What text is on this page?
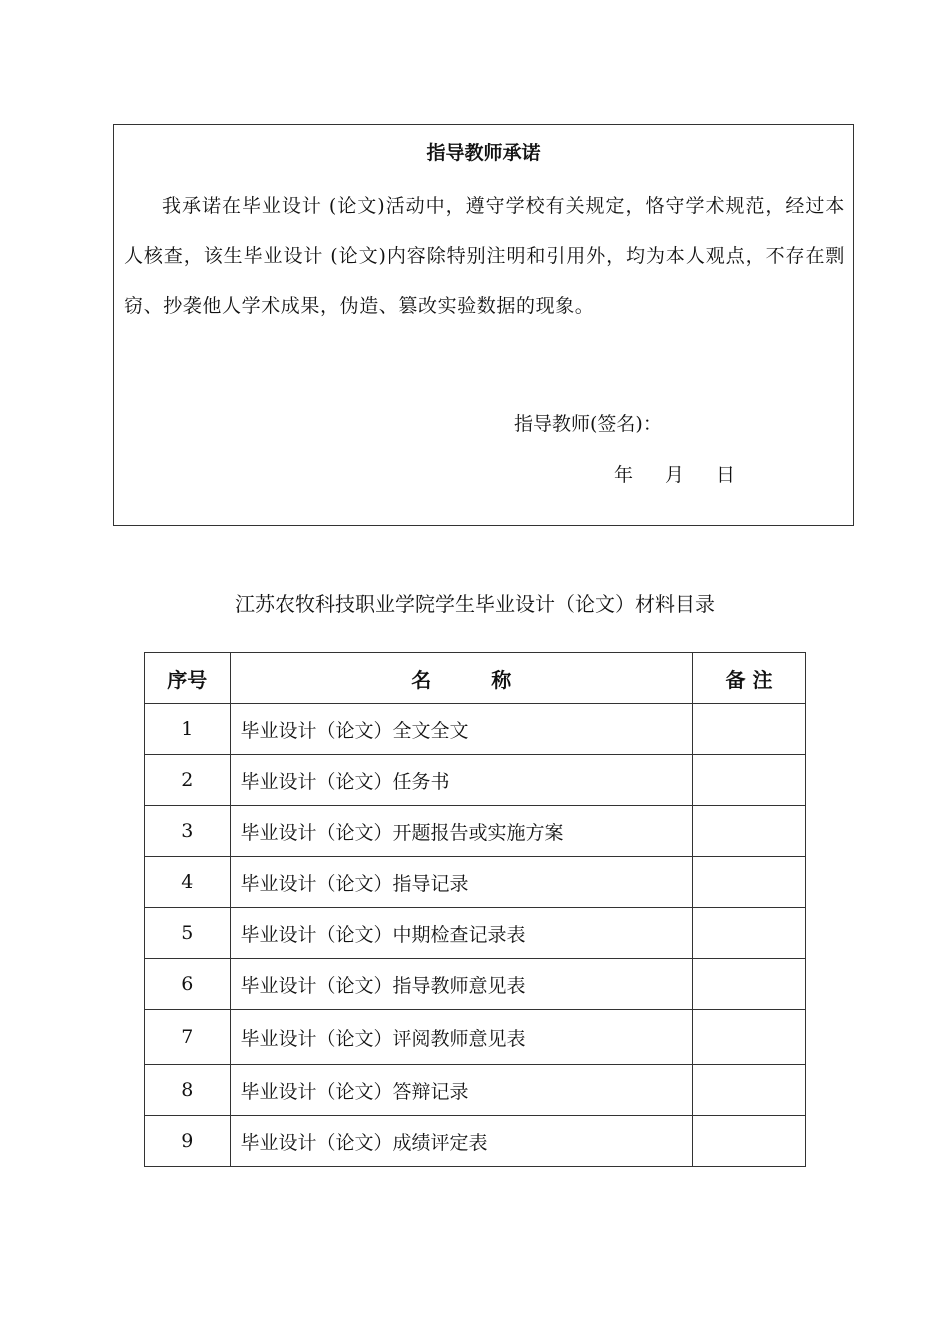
指导教师承诺
我承诺在毕业设计 (论文)活动中，遵守学校有关规定，恪守学术规范，经过本人核查，该生毕业设计 (论文)内容除特别注明和引用外，均为本人观点，不存在剽窃、抄袭他人学术成果，伪造、篡改实验数据的现象。
指导教师(签名)：
年 月 日
江苏农牧科技职业学院学生毕业设计（论文）材料目录
序号	名　　　称	备 注
1	毕业设计（论文）全文全文	
2	毕业设计（论文）任务书	
3	毕业设计（论文）开题报告或实施方案	
4	毕业设计（论文）指导记录	
5	毕业设计（论文）中期检查记录表	
6	毕业设计（论文）指导教师意见表	
7	毕业设计（论文）评阅教师意见表	
8	毕业设计（论文）答辩记录	
9	毕业设计（论文）成绩评定表	
